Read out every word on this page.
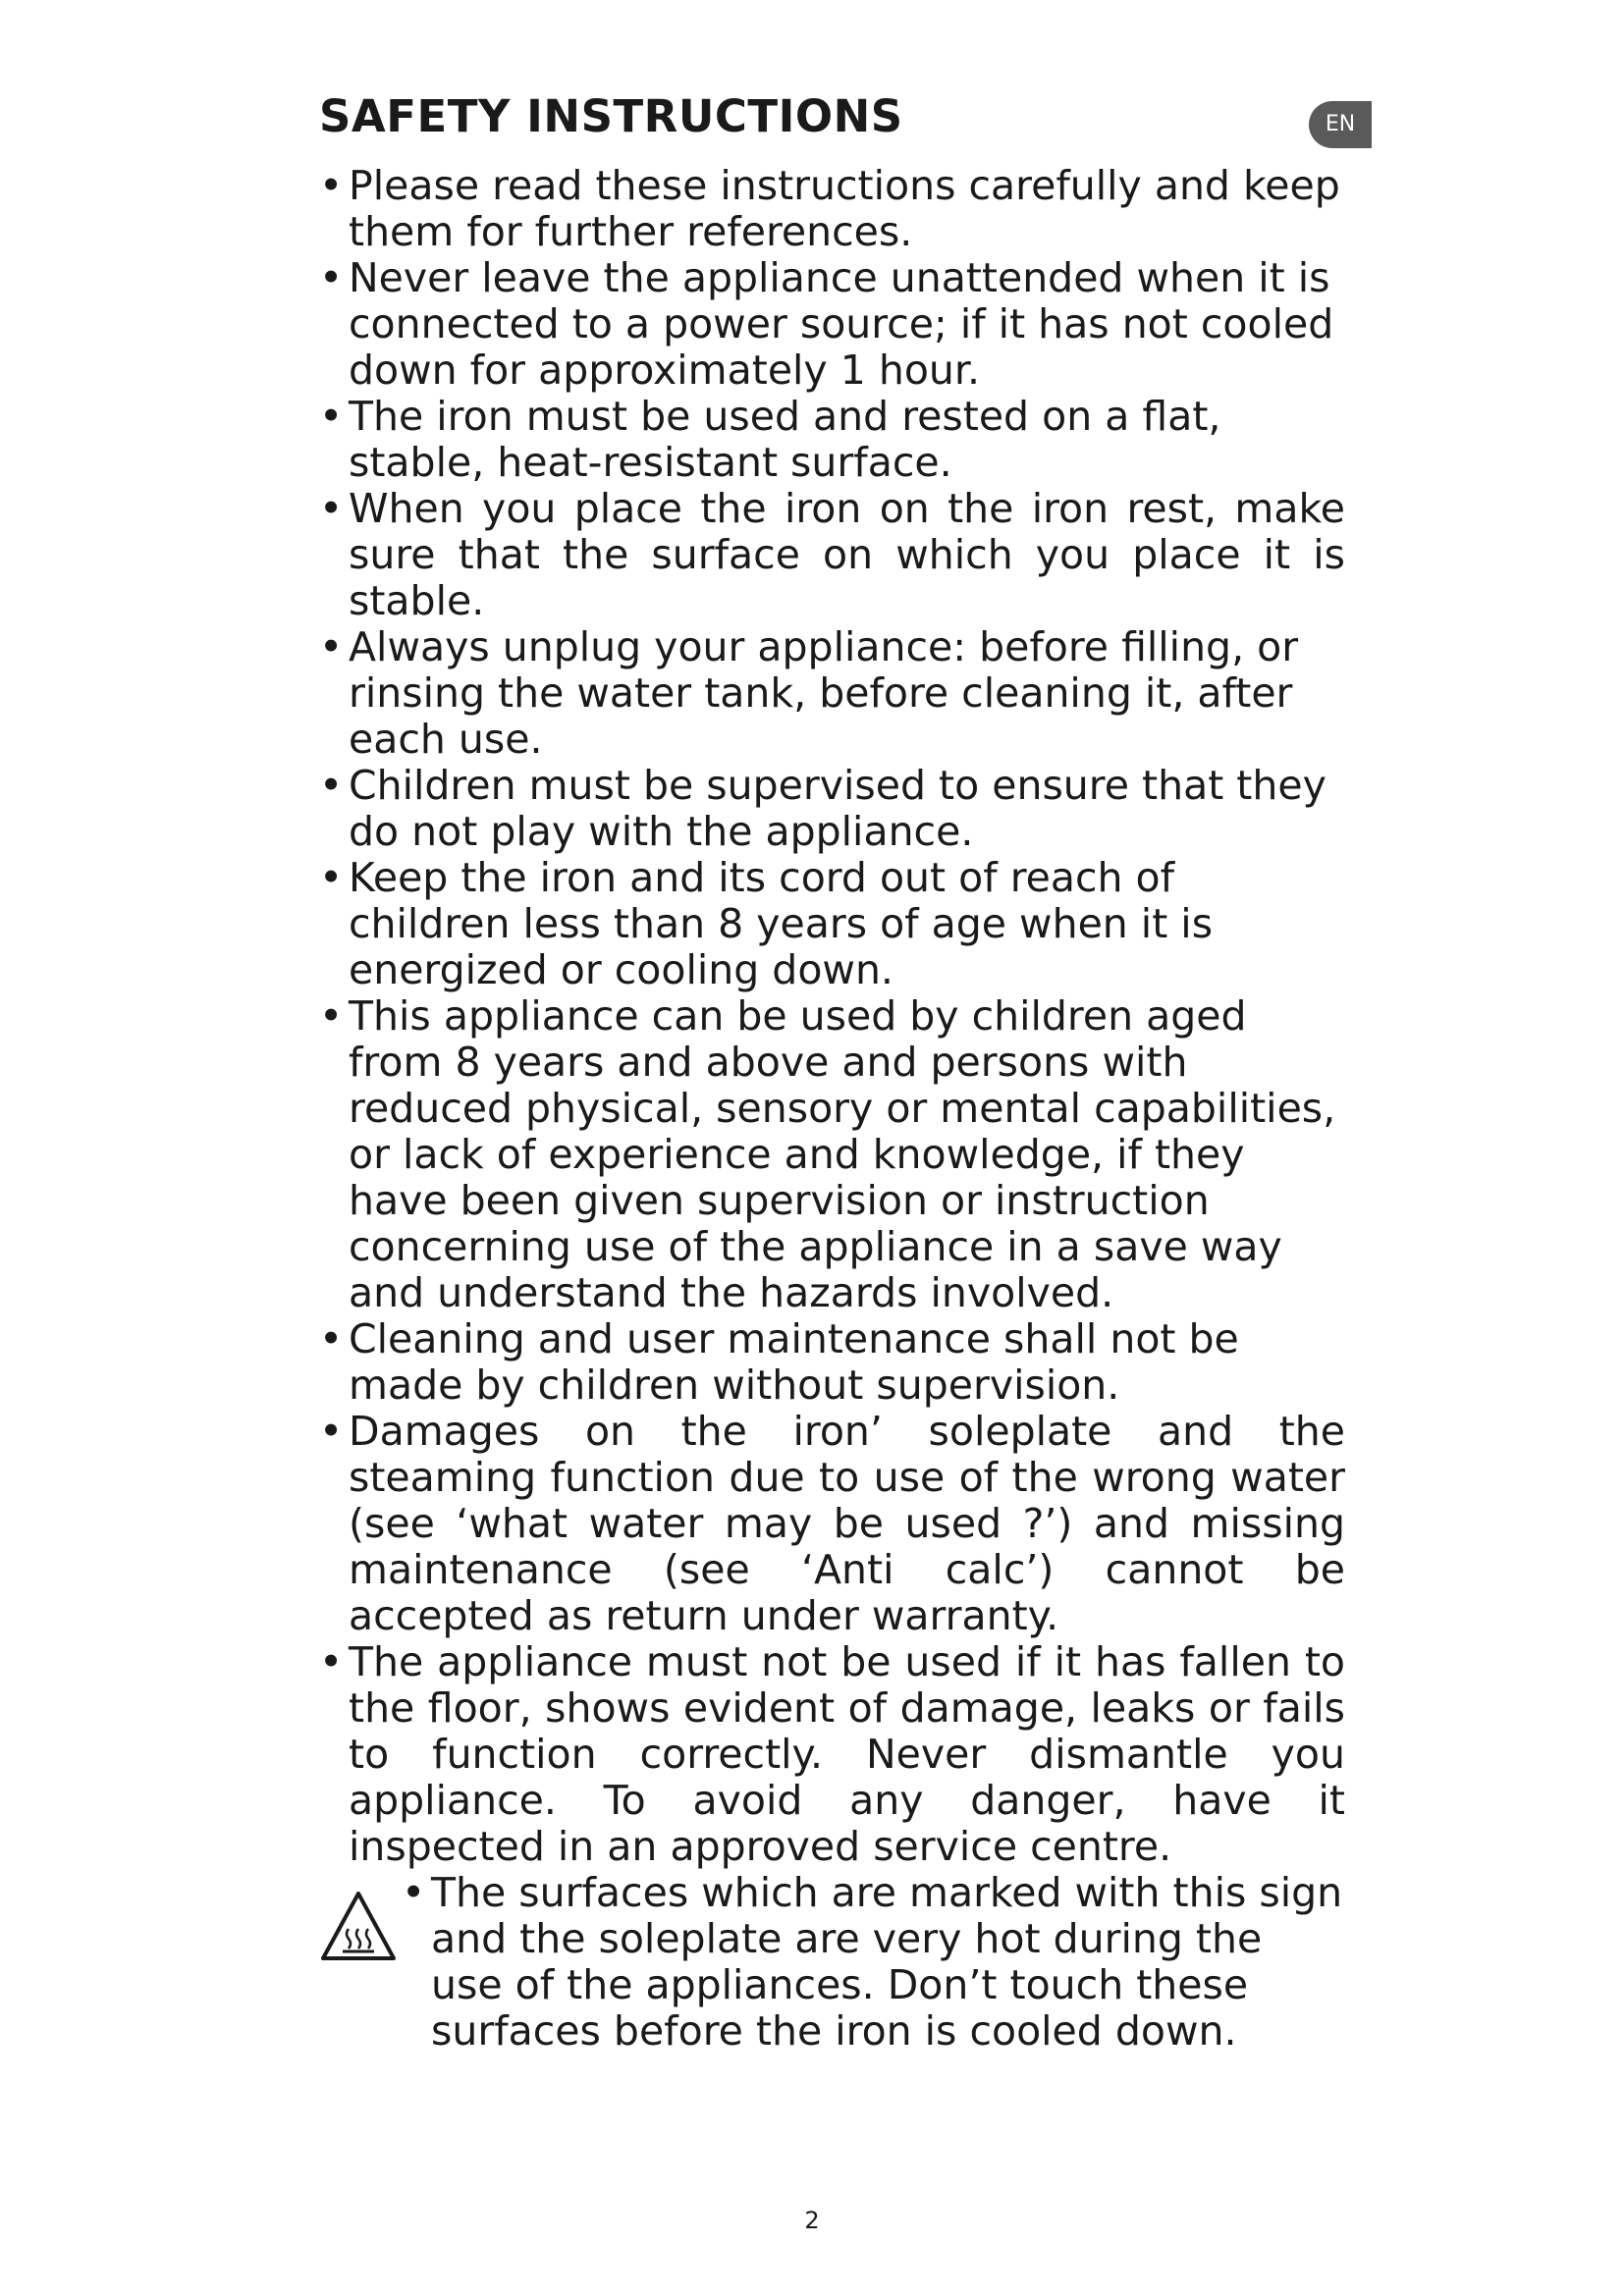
SAFETY INSTRUCTIONS	EN
• Please read these instructions carefully and keep them for further references.
• Never leave the appliance unattended when it is connected to a power source; if it has not cooled down for approximately 1 hour.
• The iron must be used and rested on a flat, stable, heat-resistant surface.
• When you place the iron on the iron rest, make sure that the surface on which you place it is stable.
• Always unplug your appliance: before filling, or rinsing the water tank, before cleaning it, after each use.
• Children must be supervised to ensure that they do not play with the appliance.
• Keep the iron and its cord out of reach of children less than 8 years of age when it is energized or cooling down.
• This appliance can be used by children aged from 8 years and above and persons with reduced physical, sensory or mental capabilities, or lack of experience and knowledge, if they have been given supervision or instruction concerning use of the appliance in a save way and understand the hazards involved.
• Cleaning and user maintenance shall not be made by children without supervision.
• Damages on the iron’ soleplate and the steaming function due to use of the wrong water (see ‘what water may be used ?’) and missing maintenance (see ‘Anti calc’) cannot be accepted as return under warranty.
• The appliance must not be used if it has fallen to the floor, shows evident of damage, leaks or fails to function correctly. Never dismantle you appliance. To avoid any danger, have it inspected in an approved service centre.
• The surfaces which are marked with this sign and the soleplate are very hot during the use of the appliances. Don’t touch these surfaces before the iron is cooled down.
2
